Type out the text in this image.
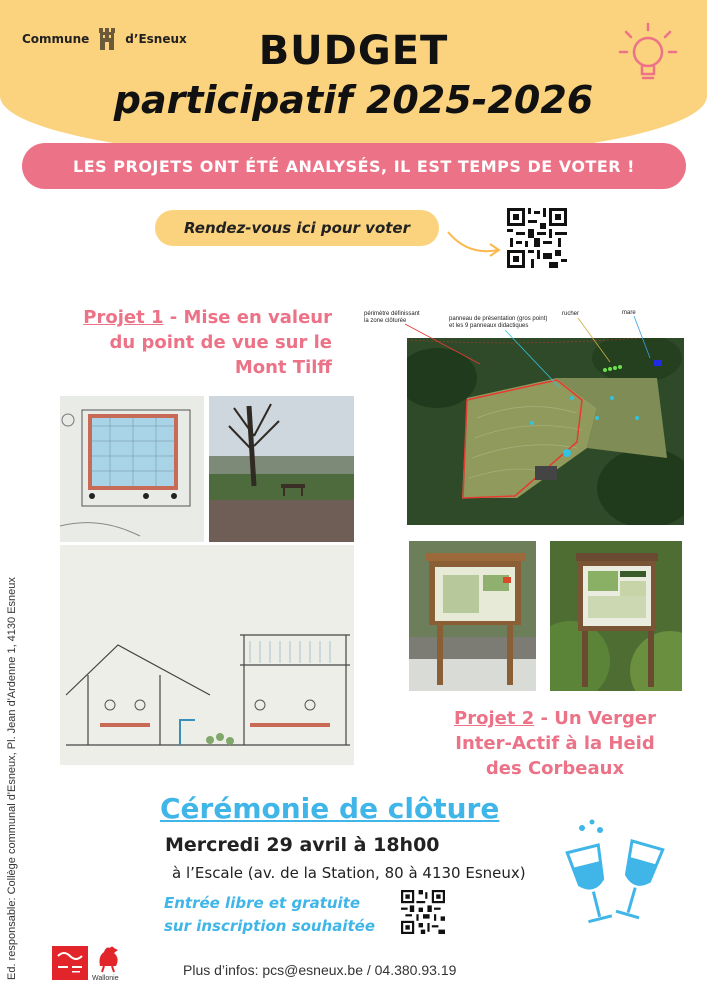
Commune	d’Esneux	BUDGET
participatif 2025-2026
LES PROJETS ONT ÉTÉ ANALYSÉS, IL EST TEMPS DE VOTER !
Rendez-vous ici pour voter
Projet 1 - Mise en valeur
du point de vue sur le
Mont Tilff
périmètre définissant
la zone clôturée	panneau de présentation (gros point)
et les 9 panneaux didactiques
rucher	mare
Projet 2 - Un Verger
Inter-Actif à la Heid
des Corbeaux
Cérémonie de clôture
Mercredi 29 avril à 18h00
à l’Escale (av. de la Station, 80 à 4130 Esneux)
Entrée libre et gratuite
sur inscription souhaitée
Ed. responsable: Collège communal d'Esneux, Pl. Jean d'Ardenne 1, 4130 Esneux	Wallonie
Plus d’infos: pcs@esneux.be / 04.380.93.19
